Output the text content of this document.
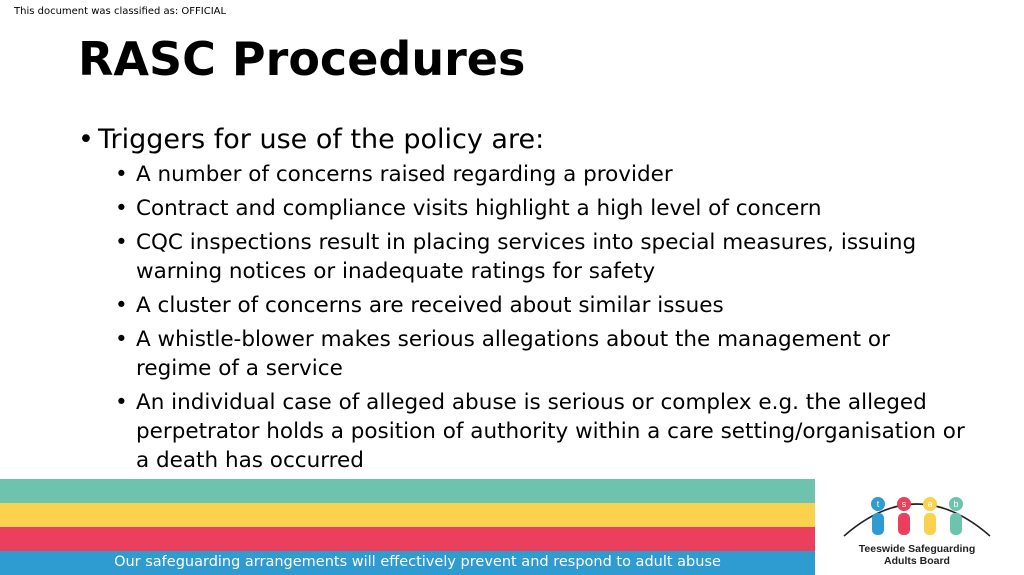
This document was classified as: OFFICIAL
RASC Procedures
• Triggers for use of the policy are:
• A number of concerns raised regarding a provider
• Contract and compliance visits highlight a high level of concern
• CQC inspections result in placing services into special measures, issuing warning notices or inadequate ratings for safety
• A cluster of concerns are received about similar issues
• A whistle-blower makes serious allegations about the management or regime of a service
• An individual case of alleged abuse is serious or complex e.g. the alleged perpetrator holds a position of authority within a care setting/organisation or a death has occurred
Our safeguarding arrangements will effectively prevent and respond to adult abuse
t s a b
Teeswide Safeguarding
Adults Board
